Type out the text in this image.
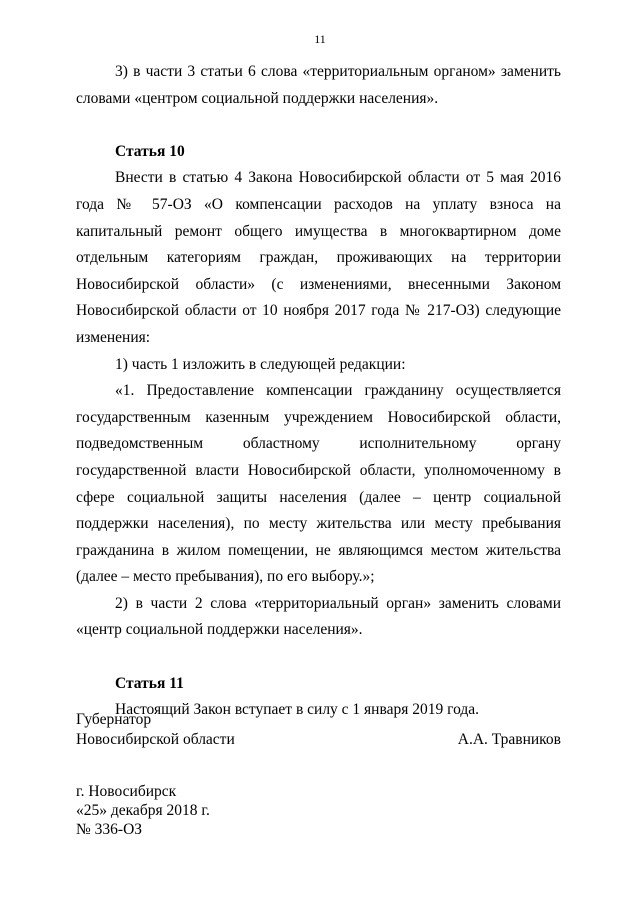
11

3) в части 3 статьи 6 слова «территориальным органом» заменить словами «центром социальной поддержки населения».

Статья 10

Внести в статью 4 Закона Новосибирской области от 5 мая 2016 года № 57-ОЗ «О компенсации расходов на уплату взноса на капитальный ремонт общего имущества в многоквартирном доме отдельным категориям граждан, проживающих на территории Новосибирской области» (с изменениями, внесенными Законом Новосибирской области от 10 ноября 2017 года № 217-ОЗ) следующие изменения:

1) часть 1 изложить в следующей редакции:

«1. Предоставление компенсации гражданину осуществляется государственным казенным учреждением Новосибирской области, подведомственным областному исполнительному органу государственной власти Новосибирской области, уполномоченному в сфере социальной защиты населения (далее – центр социальной поддержки населения), по месту жительства или месту пребывания гражданина в жилом помещении, не являющимся местом жительства (далее – место пребывания), по его выбору.»;

2) в части 2 слова «территориальный орган» заменить словами «центр социальной поддержки населения».

Статья 11

Настоящий Закон вступает в силу с 1 января 2019 года.

Губернатор
Новосибирской области	А.А. Травников
г. Новосибирск
«25» декабря 2018 г.
№ 336-ОЗ
